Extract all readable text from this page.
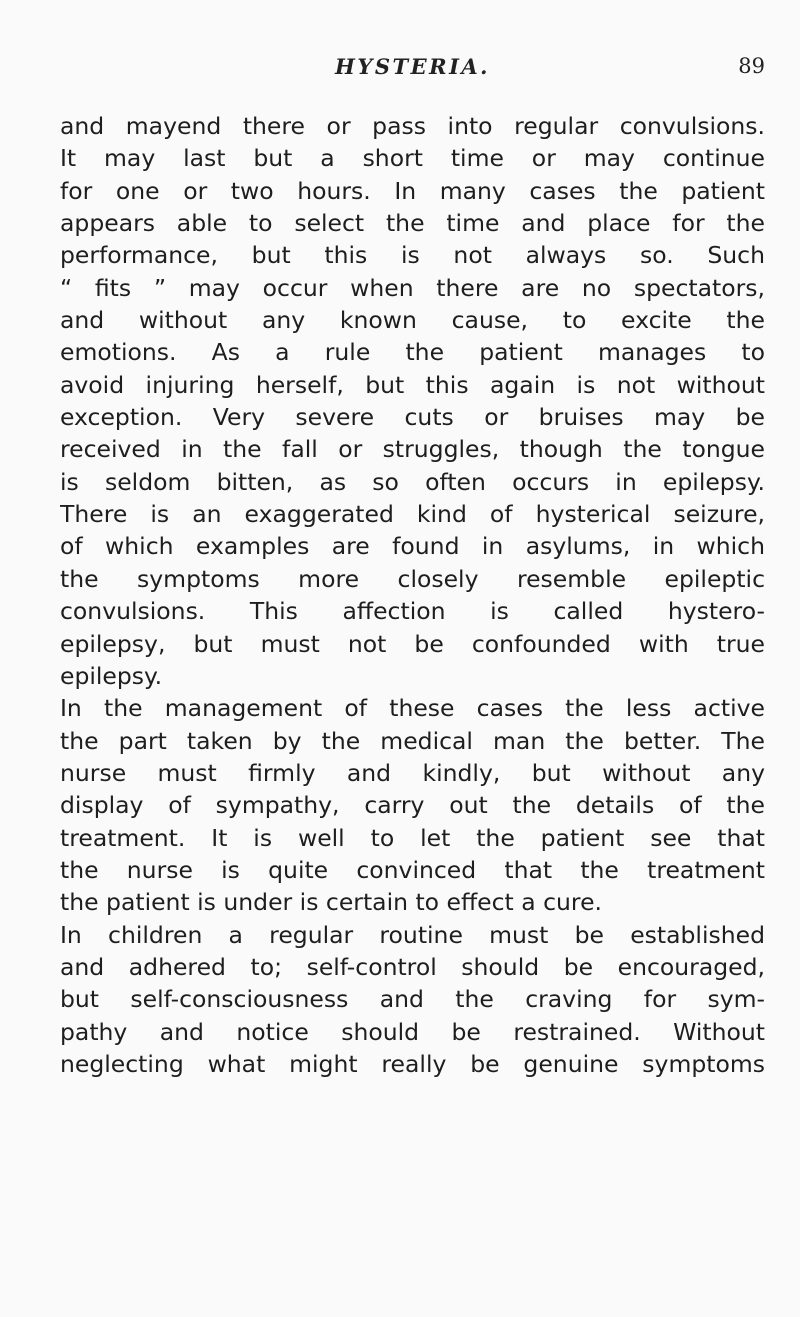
HYSTERIA.	89
and mayend there or pass into regular convulsions.
It may last but a short time or may continue
for one or two hours. In many cases the patient
appears able to select the time and place for the
performance, but this is not always so. Such
“ fits ” may occur when there are no spectators,
and without any known cause, to excite the
emotions. As a rule the patient manages to
avoid injuring herself, but this again is not without
exception. Very severe cuts or bruises may be
received in the fall or struggles, though the tongue
is seldom bitten, as so often occurs in epilepsy.
There is an exaggerated kind of hysterical seizure,
of which examples are found in asylums, in which
the symptoms more closely resemble epileptic
convulsions. This affection is called hystero-
epilepsy, but must not be confounded with true
epilepsy.
In the management of these cases the less active
the part taken by the medical man the better. The
nurse must firmly and kindly, but without any
display of sympathy, carry out the details of the
treatment. It is well to let the patient see that
the nurse is quite convinced that the treatment
the patient is under is certain to effect a cure.
In children a regular routine must be established
and adhered to; self-control should be encouraged,
but self-consciousness and the craving for sym-
pathy and notice should be restrained. Without
neglecting what might really be genuine symptoms
